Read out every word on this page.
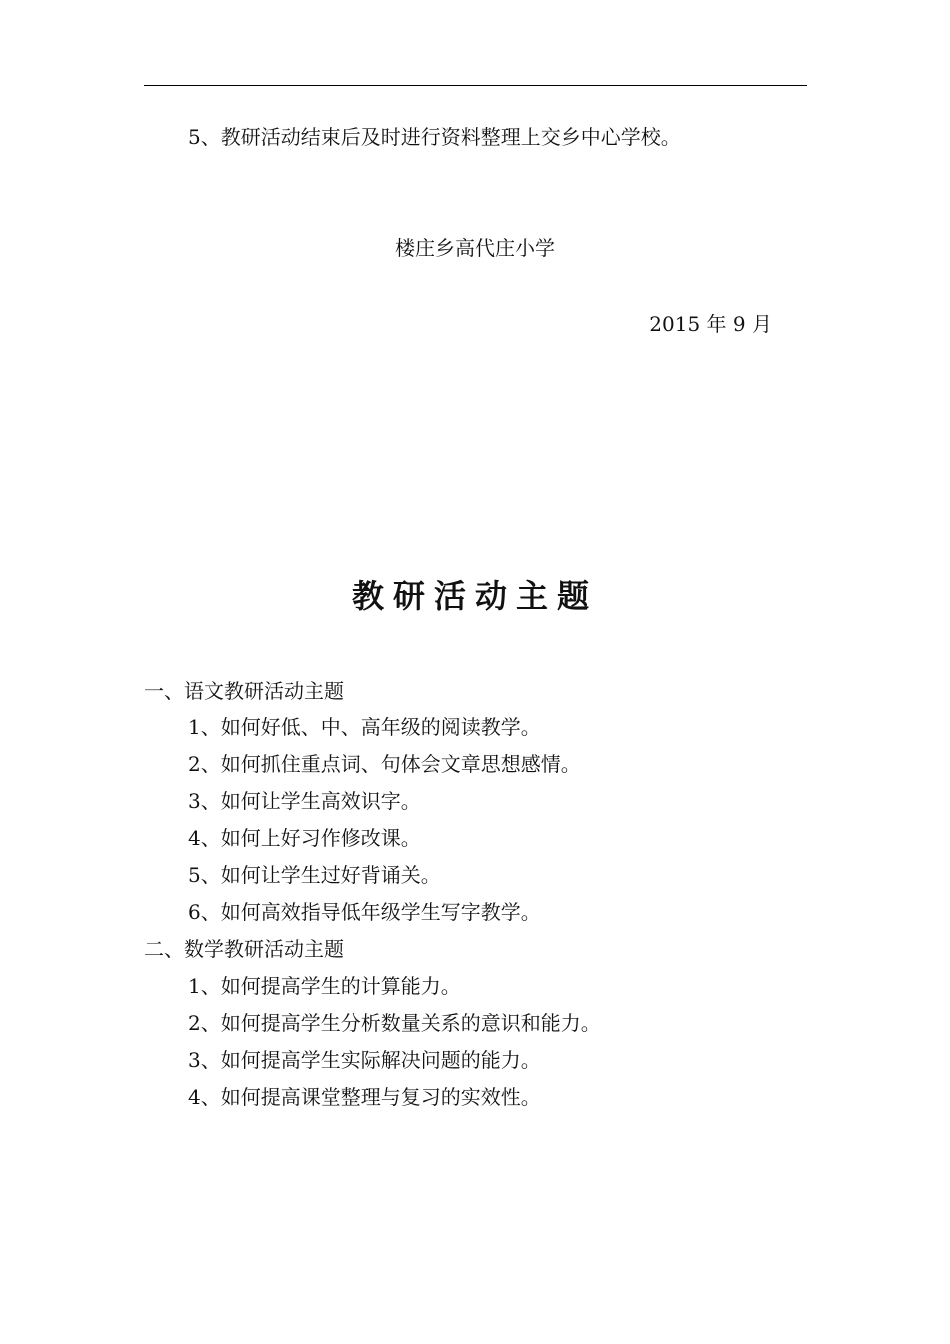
5、教研活动结束后及时进行资料整理上交乡中心学校。
楼庄乡高代庄小学
2015 年 9 月
教研活动主题
一、语文教研活动主题
1、如何好低、中、高年级的阅读教学。
2、如何抓住重点词、句体会文章思想感情。
3、如何让学生高效识字。
4、如何上好习作修改课。
5、如何让学生过好背诵关。
6、如何高效指导低年级学生写字教学。
二、数学教研活动主题
1、如何提高学生的计算能力。
2、如何提高学生分析数量关系的意识和能力。
3、如何提高学生实际解决问题的能力。
4、如何提高课堂整理与复习的实效性。
